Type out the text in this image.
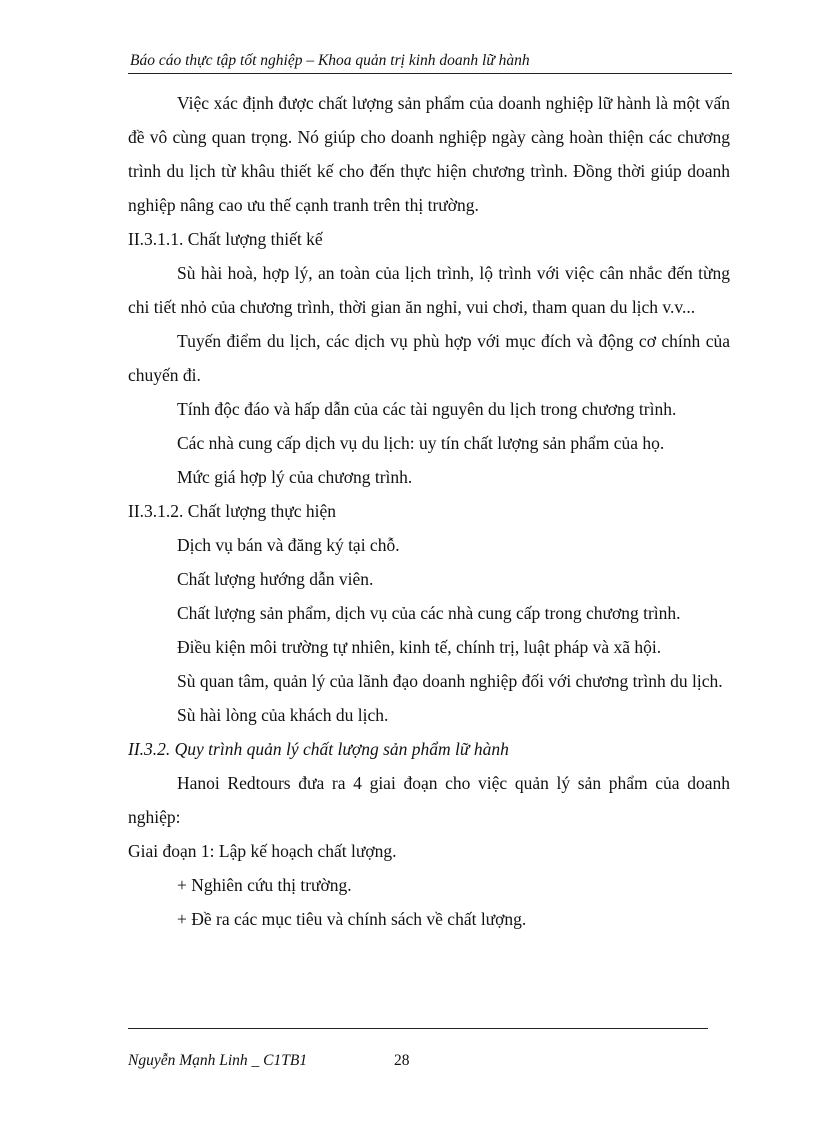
Báo cáo thực tập tốt nghiệp – Khoa quản trị kinh doanh lữ hành

Việc xác định được chất lượng sản phẩm của doanh nghiệp lữ hành là một vấn đề vô cùng quan trọng. Nó giúp cho doanh nghiệp ngày càng hoàn thiện các chương trình du lịch từ khâu thiết kế cho đến thực hiện chương trình. Đồng thời giúp doanh nghiệp nâng cao ưu thế cạnh tranh trên thị trường.

II.3.1.1. Chất lượng thiết kế

Sù hài hoà, hợp lý, an toàn của lịch trình, lộ trình với việc cân nhắc đến từng chi tiết nhỏ của chương trình, thời gian ăn nghỉ, vui chơi, tham quan du lịch v.v...

Tuyến điểm du lịch, các dịch vụ phù hợp với mục đích và động cơ chính của chuyến đi.

Tính độc đáo và hấp dẫn của các tài nguyên du lịch trong chương trình.

Các nhà cung cấp dịch vụ du lịch: uy tín chất lượng sản phẩm của họ.

Mức giá hợp lý của chương trình.

II.3.1.2. Chất lượng thực hiện

Dịch vụ bán và đăng ký tại chỗ.

Chất lượng hướng dẫn viên.

Chất lượng sản phẩm, dịch vụ của các nhà cung cấp trong chương trình.

Điều kiện môi trường tự nhiên, kinh tế, chính trị, luật pháp và xã hội.

Sù quan tâm, quản lý của lãnh đạo doanh nghiệp đối với chương trình du lịch.

Sù hài lòng của khách du lịch.

II.3.2. Quy trình quản lý chất lượng sản phẩm lữ hành

Hanoi Redtours đưa ra 4 giai đoạn cho việc quản lý sản phẩm của doanh nghiệp:

Giai đoạn 1: Lập kế hoạch chất lượng.

+ Nghiên cứu thị trường.

+ Đề ra các mục tiêu và chính sách về chất lượng.

Nguyễn Mạnh Linh _ C1TB1	28
